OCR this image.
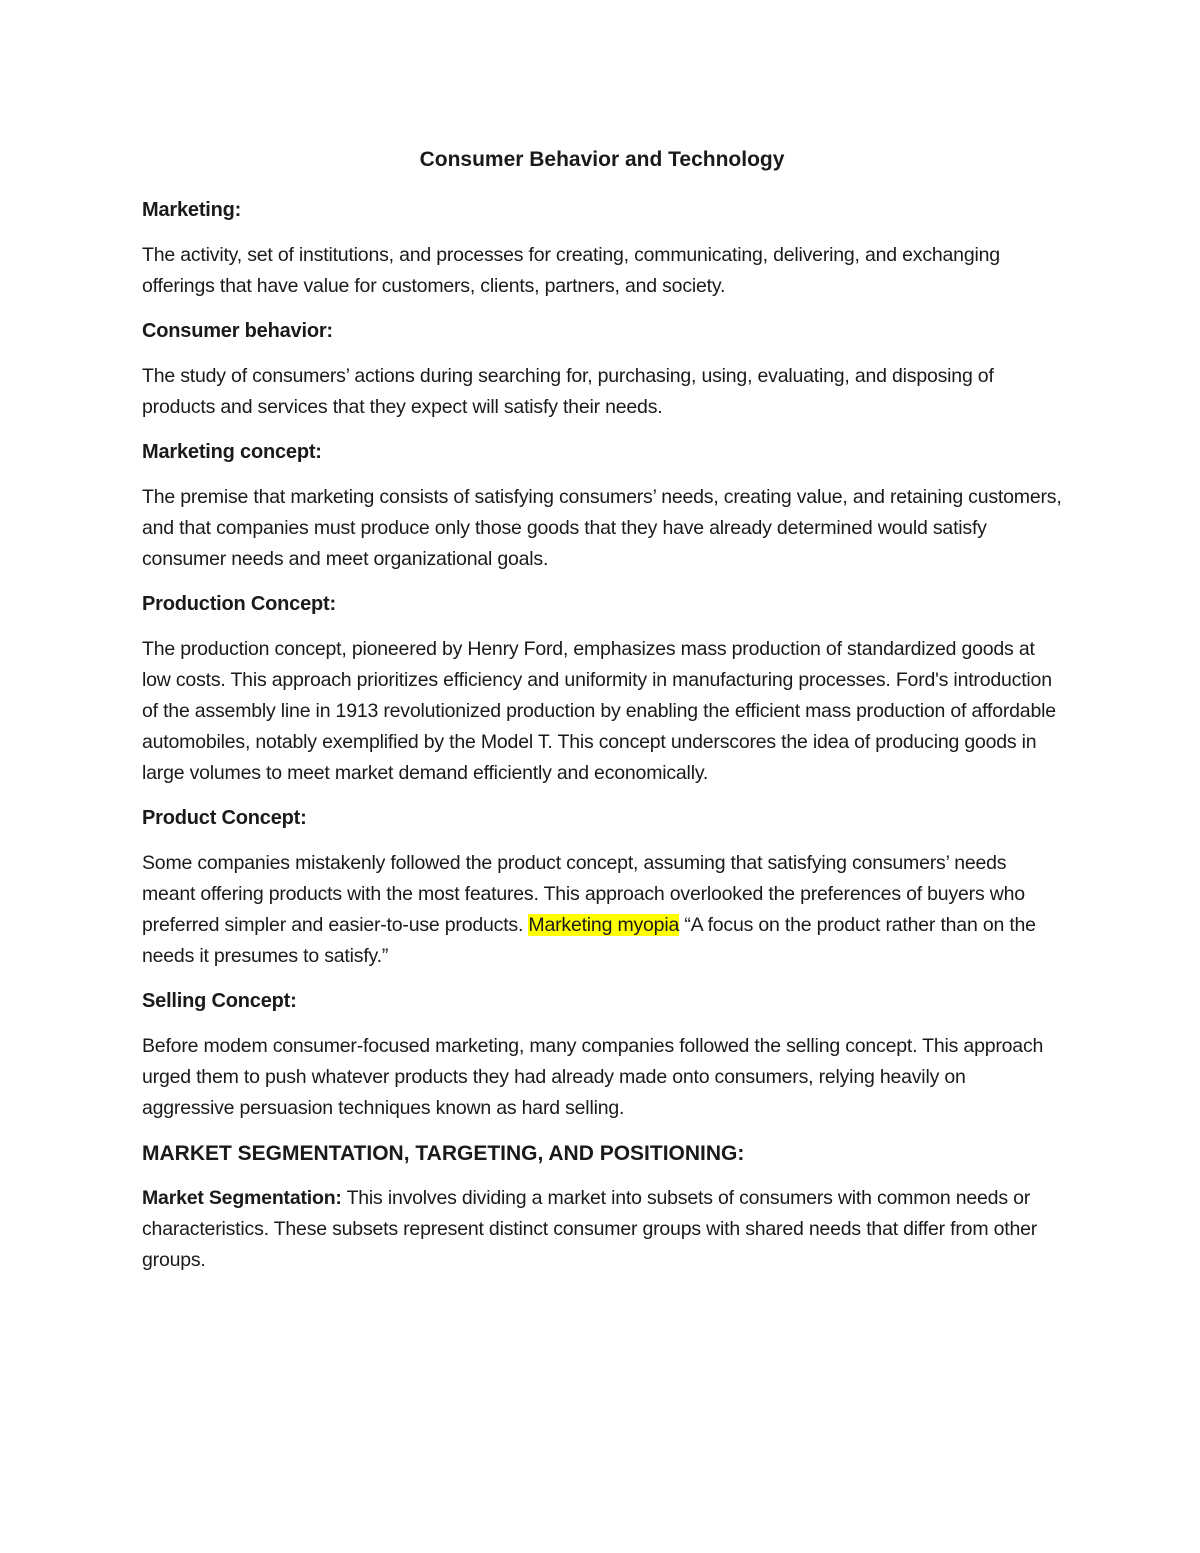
Consumer Behavior and Technology
Marketing:
The activity, set of institutions, and processes for creating, communicating, delivering, and exchanging offerings that have value for customers, clients, partners, and society.
Consumer behavior:
The study of consumers’ actions during searching for, purchasing, using, evaluating, and disposing of products and services that they expect will satisfy their needs.
Marketing concept:
The premise that marketing consists of satisfying consumers’ needs, creating value, and retaining customers, and that companies must produce only those goods that they have already determined would satisfy consumer needs and meet organizational goals.
Production Concept:
The production concept, pioneered by Henry Ford, emphasizes mass production of standardized goods at low costs. This approach prioritizes efficiency and uniformity in manufacturing processes. Ford's introduction of the assembly line in 1913 revolutionized production by enabling the efficient mass production of affordable automobiles, notably exemplified by the Model T. This concept underscores the idea of producing goods in large volumes to meet market demand efficiently and economically.
Product Concept:
Some companies mistakenly followed the product concept, assuming that satisfying consumers’ needs meant offering products with the most features. This approach overlooked the preferences of buyers who preferred simpler and easier-to-use products. Marketing myopia “A focus on the product rather than on the needs it presumes to satisfy.”
Selling Concept:
Before modem consumer-focused marketing, many companies followed the selling concept. This approach urged them to push whatever products they had already made onto consumers, relying heavily on aggressive persuasion techniques known as hard selling.
MARKET SEGMENTATION, TARGETING, AND POSITIONING:
Market Segmentation: This involves dividing a market into subsets of consumers with common needs or characteristics. These subsets represent distinct consumer groups with shared needs that differ from other groups.
